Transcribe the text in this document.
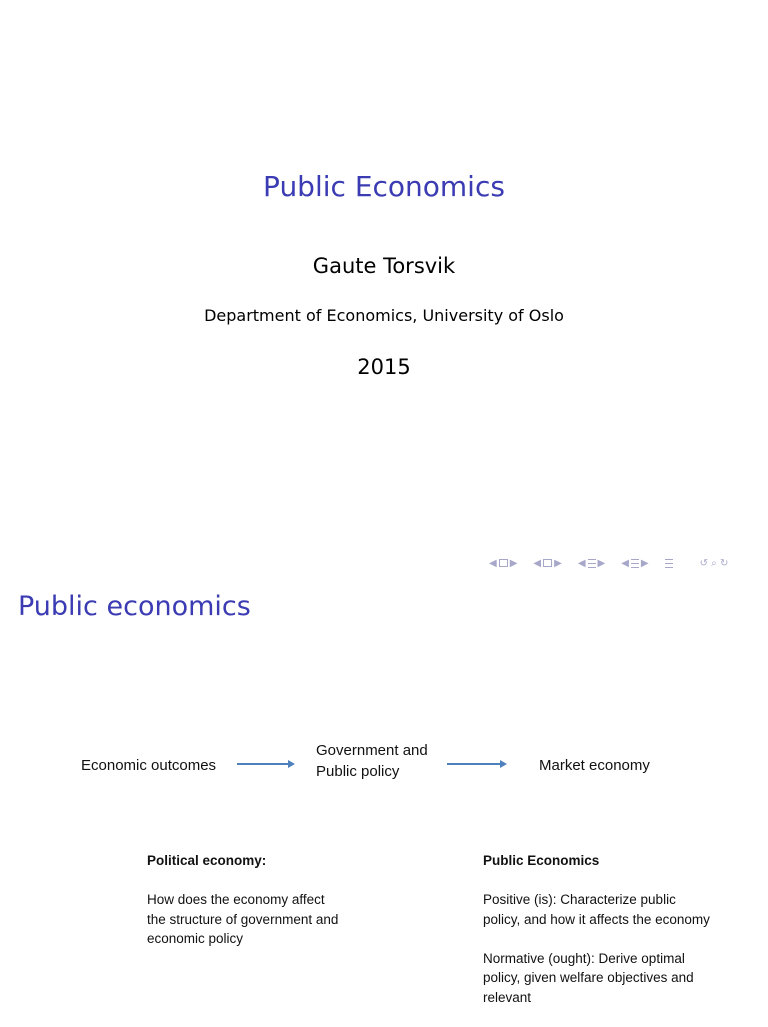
Public Economics
Gaute Torsvik
Department of Economics, University of Oslo
2015
◀ ▶ ◀ ▶ ◀ ▶ ◀ ▶	↺ ⌕ ↻
Public economics
Economic outcomes
Government and
Public policy	Market economy
Political economy:

How does the economy affect the structure of government and economic policy

Public Economics

Positive (is): Characterize public policy, and how it affects the economy

Normative (ought): Derive optimal policy, given welfare objectives and relevant
